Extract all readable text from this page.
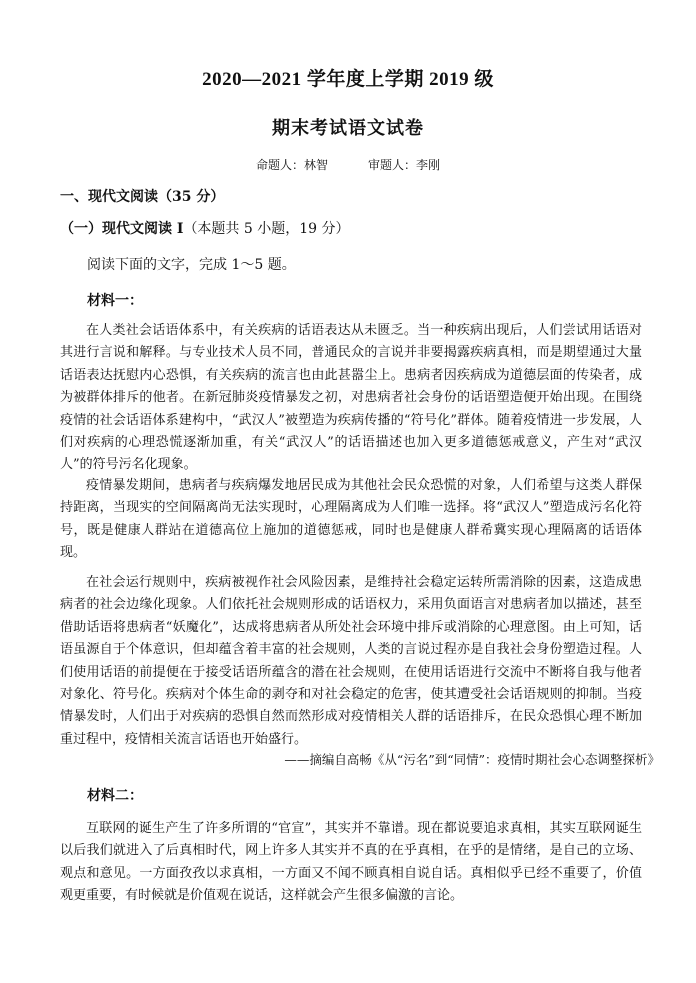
2020—2021 学年度上学期 2019 级
期末考试语文试卷
命题人：林智	审题人：李刚
一、现代文阅读（35 分）
（一）现代文阅读 I（本题共 5 小题，19 分）
阅读下面的文字，完成 1～5 题。
材料一：
在人类社会话语体系中，有关疾病的话语表达从未匮乏。当一种疾病出现后，人们尝试用话语对其进行言说和解释。与专业技术人员不同，普通民众的言说并非要揭露疾病真相，而是期望通过大量话语表达抚慰内心恐惧，有关疾病的流言也由此甚嚣尘上。患病者因疾病成为道德层面的传染者，成为被群体排斥的他者。在新冠肺炎疫情暴发之初，对患病者社会身份的话语塑造便开始出现。在围绕疫情的社会话语体系建构中，“武汉人”被塑造为疾病传播的“符号化”群体。随着疫情进一步发展，人们对疾病的心理恐慌逐渐加重，有关“武汉人”的话语描述也加入更多道德惩戒意义，产生对“武汉人”的符号污名化现象。
疫情暴发期间，患病者与疾病爆发地居民成为其他社会民众恐慌的对象，人们希望与这类人群保持距离，当现实的空间隔离尚无法实现时，心理隔离成为人们唯一选择。将“武汉人”塑造成污名化符号，既是健康人群站在道德高位上施加的道德惩戒，同时也是健康人群希冀实现心理隔离的话语体现。
在社会运行规则中，疾病被视作社会风险因素，是维持社会稳定运转所需消除的因素，这造成患病者的社会边缘化现象。人们依托社会规则形成的话语权力，采用负面语言对患病者加以描述，甚至借助话语将患病者“妖魔化”，达成将患病者从所处社会环境中排斥或消除的心理意图。由上可知，话语虽源自于个体意识，但却蕴含着丰富的社会规则，人类的言说过程亦是自我社会身份塑造过程。人们使用话语的前提便在于接受话语所蕴含的潜在社会规则，在使用话语进行交流中不断将自我与他者对象化、符号化。疾病对个体生命的剥夺和对社会稳定的危害，使其遭受社会话语规则的抑制。当疫情暴发时，人们出于对疾病的恐惧自然而然形成对疫情相关人群的话语排斥，在民众恐惧心理不断加重过程中，疫情相关流言话语也开始盛行。
——摘编自高畅《从“污名”到“同情”：疫情时期社会心态调整探析》
材料二：
互联网的诞生产生了许多所谓的“官宣”，其实并不靠谱。现在都说要追求真相，其实互联网诞生以后我们就进入了后真相时代，网上许多人其实并不真的在乎真相，在乎的是情绪，是自己的立场、观点和意见。一方面孜孜以求真相，一方面又不闻不顾真相自说自话。真相似乎已经不重要了，价值观更重要，有时候就是价值观在说话，这样就会产生很多偏激的言论。
